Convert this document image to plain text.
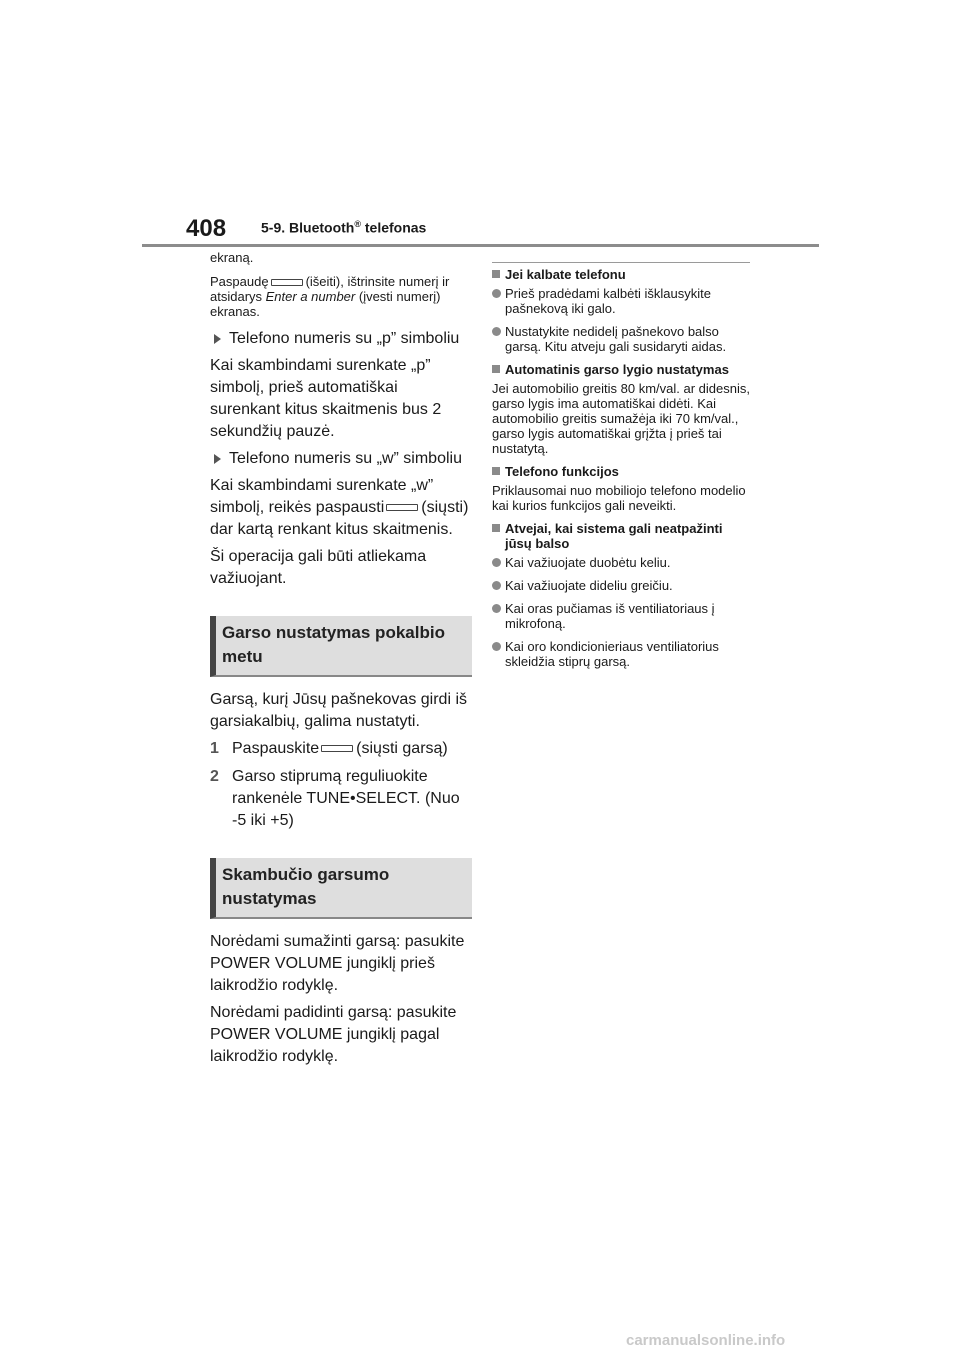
408 5-9. Bluetooth® telefonas

ekraną.

Paspaudę	(išeiti), ištrinsite numerį ir atsidarys Enter a number (įvesti numerį) ekranas.

Telefono numeris su „p” simboliu

Kai skambindami surenkate „p” simbolį, prieš automatiškai surenkant kitus skaitmenis bus 2 sekundžių pauzė.

Telefono numeris su „w” simboliu

Kai skambindami surenkate „w” simbolį, reikės paspausti (siųsti) dar kartą renkant kitus skaitmenis.

Ši operacija gali būti atliekama važiuojant.

Garso nustatymas pokalbio metu

Garsą, kurį Jūsų pašnekovas girdi iš garsiakalbių, galima nustatyti.

1 Paspauskite (siųsti garsą)
2 Garso stiprumą reguliuokite rankenėle TUNE•SELECT. (Nuo -5 iki +5)
Skambučio garsumo nustatymas

Norėdami sumažinti garsą: pasukite POWER VOLUME jungiklį prieš laikrodžio rodyklę.

Norėdami padidinti garsą: pasukite POWER VOLUME jungiklį pagal laikrodžio rodyklę.

Jei kalbate telefonu
Prieš pradėdami kalbėti išklausykite pašnekovą iki galo.
Nustatykite nedidelį pašnekovo balso garsą. Kitu atveju gali susidaryti aidas.
Automatinis garso lygio nustatymas

Jei automobilio greitis 80 km/val. ar didesnis, garso lygis ima automatiškai didėti. Kai automobilio greitis sumažėja iki 70 km/val., garso lygis automatiškai grįžta į prieš tai nustatytą.

Telefono funkcijos

Priklausomai nuo mobiliojo telefono modelio kai kurios funkcijos gali neveikti.

Atvejai, kai sistema gali neatpažinti jūsų balso
Kai važiuojate duobėtu keliu.
Kai važiuojate dideliu greičiu.
Kai oras pučiamas iš ventiliatoriaus į mikrofoną.
Kai oro kondicionieriaus ventiliatorius skleidžia stiprų garsą.
carmanualsonline.info
